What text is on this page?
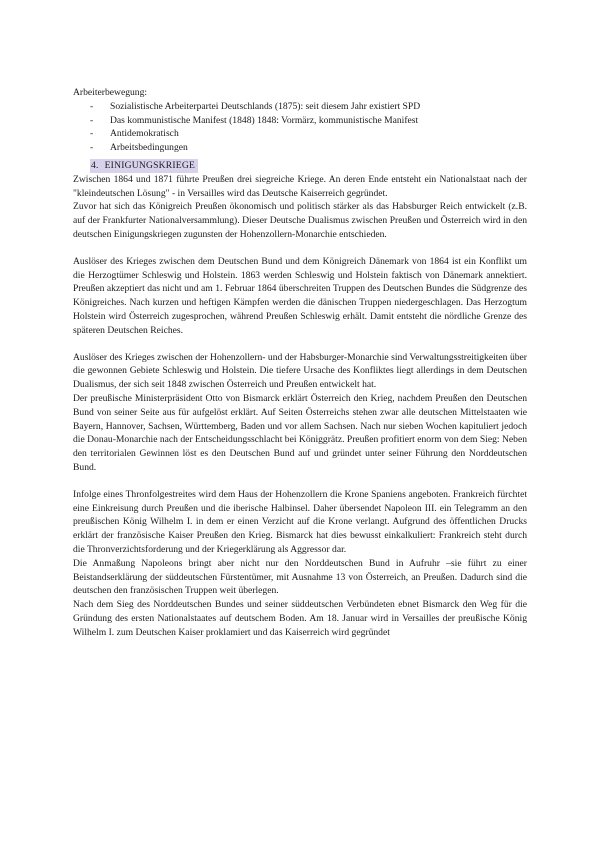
Arbeiterbewegung:

- Sozialistische Arbeiterpartei Deutschlands (1875): seit diesem Jahr existiert SPD
- Das kommunistische Manifest (1848) 1848: Vormärz, kommunistische Manifest
- Antidemokratisch
- Arbeitsbedingungen
4. EINIGUNGSKRIEGE

Zwischen 1864 und 1871 führte Preußen drei siegreiche Kriege. An deren Ende entsteht ein Nationalstaat nach der "kleindeutschen Lösung" - in Versailles wird das Deutsche Kaiserreich gegründet.

Zuvor hat sich das Königreich Preußen ökonomisch und politisch stärker als das Habsburger Reich entwickelt (z.B. auf der Frankfurter Nationalversammlung). Dieser Deutsche Dualismus zwischen Preußen und Österreich wird in den deutschen Einigungskriegen zugunsten der Hohenzollern-Monarchie entschieden.

Auslöser des Krieges zwischen dem Deutschen Bund und dem Königreich Dänemark von 1864 ist ein Konflikt um die Herzogtümer Schleswig und Holstein. 1863 werden Schleswig und Holstein faktisch von Dänemark annektiert. Preußen akzeptiert das nicht und am 1. Februar 1864 überschreiten Truppen des Deutschen Bundes die Südgrenze des Königreiches. Nach kurzen und heftigen Kämpfen werden die dänischen Truppen niedergeschlagen. Das Herzogtum Holstein wird Österreich zugesprochen, während Preußen Schleswig erhält. Damit entsteht die nördliche Grenze des späteren Deutschen Reiches.

Auslöser des Krieges zwischen der Hohenzollern- und der Habsburger-Monarchie sind Verwaltungsstreitigkeiten über die gewonnen Gebiete Schleswig und Holstein. Die tiefere Ursache des Konfliktes liegt allerdings in dem Deutschen Dualismus, der sich seit 1848 zwischen Österreich und Preußen entwickelt hat.

Der preußische Ministerpräsident Otto von Bismarck erklärt Österreich den Krieg, nachdem Preußen den Deutschen Bund von seiner Seite aus für aufgelöst erklärt. Auf Seiten Österreichs stehen zwar alle deutschen Mittelstaaten wie Bayern, Hannover, Sachsen, Württemberg, Baden und vor allem Sachsen. Nach nur sieben Wochen kapituliert jedoch die Donau-Monarchie nach der Entscheidungsschlacht bei Königgrätz. Preußen profitiert enorm von dem Sieg: Neben den territorialen Gewinnen löst es den Deutschen Bund auf und gründet unter seiner Führung den Norddeutschen Bund.

Infolge eines Thronfolgestreites wird dem Haus der Hohenzollern die Krone Spaniens angeboten. Frankreich fürchtet eine Einkreisung durch Preußen und die iberische Halbinsel. Daher übersendet Napoleon III. ein Telegramm an den preußischen König Wilhelm I. in dem er einen Verzicht auf die Krone verlangt. Aufgrund des öffentlichen Drucks erklärt der französische Kaiser Preußen den Krieg. Bismarck hat dies bewusst einkalkuliert: Frankreich steht durch die Thronverzichtsforderung und der Kriegerklärung als Aggressor dar.

Die Anmaßung Napoleons bringt aber nicht nur den Norddeutschen Bund in Aufruhr –sie führt zu einer Beistandserklärung der süddeutschen Fürstentümer, mit Ausnahme 13 von Österreich, an Preußen. Dadurch sind die deutschen den französischen Truppen weit überlegen.

Nach dem Sieg des Norddeutschen Bundes und seiner süddeutschen Verbündeten ebnet Bismarck den Weg für die Gründung des ersten Nationalstaates auf deutschem Boden. Am 18. Januar wird in Versailles der preußische König Wilhelm I. zum Deutschen Kaiser proklamiert und das Kaiserreich wird gegründet
